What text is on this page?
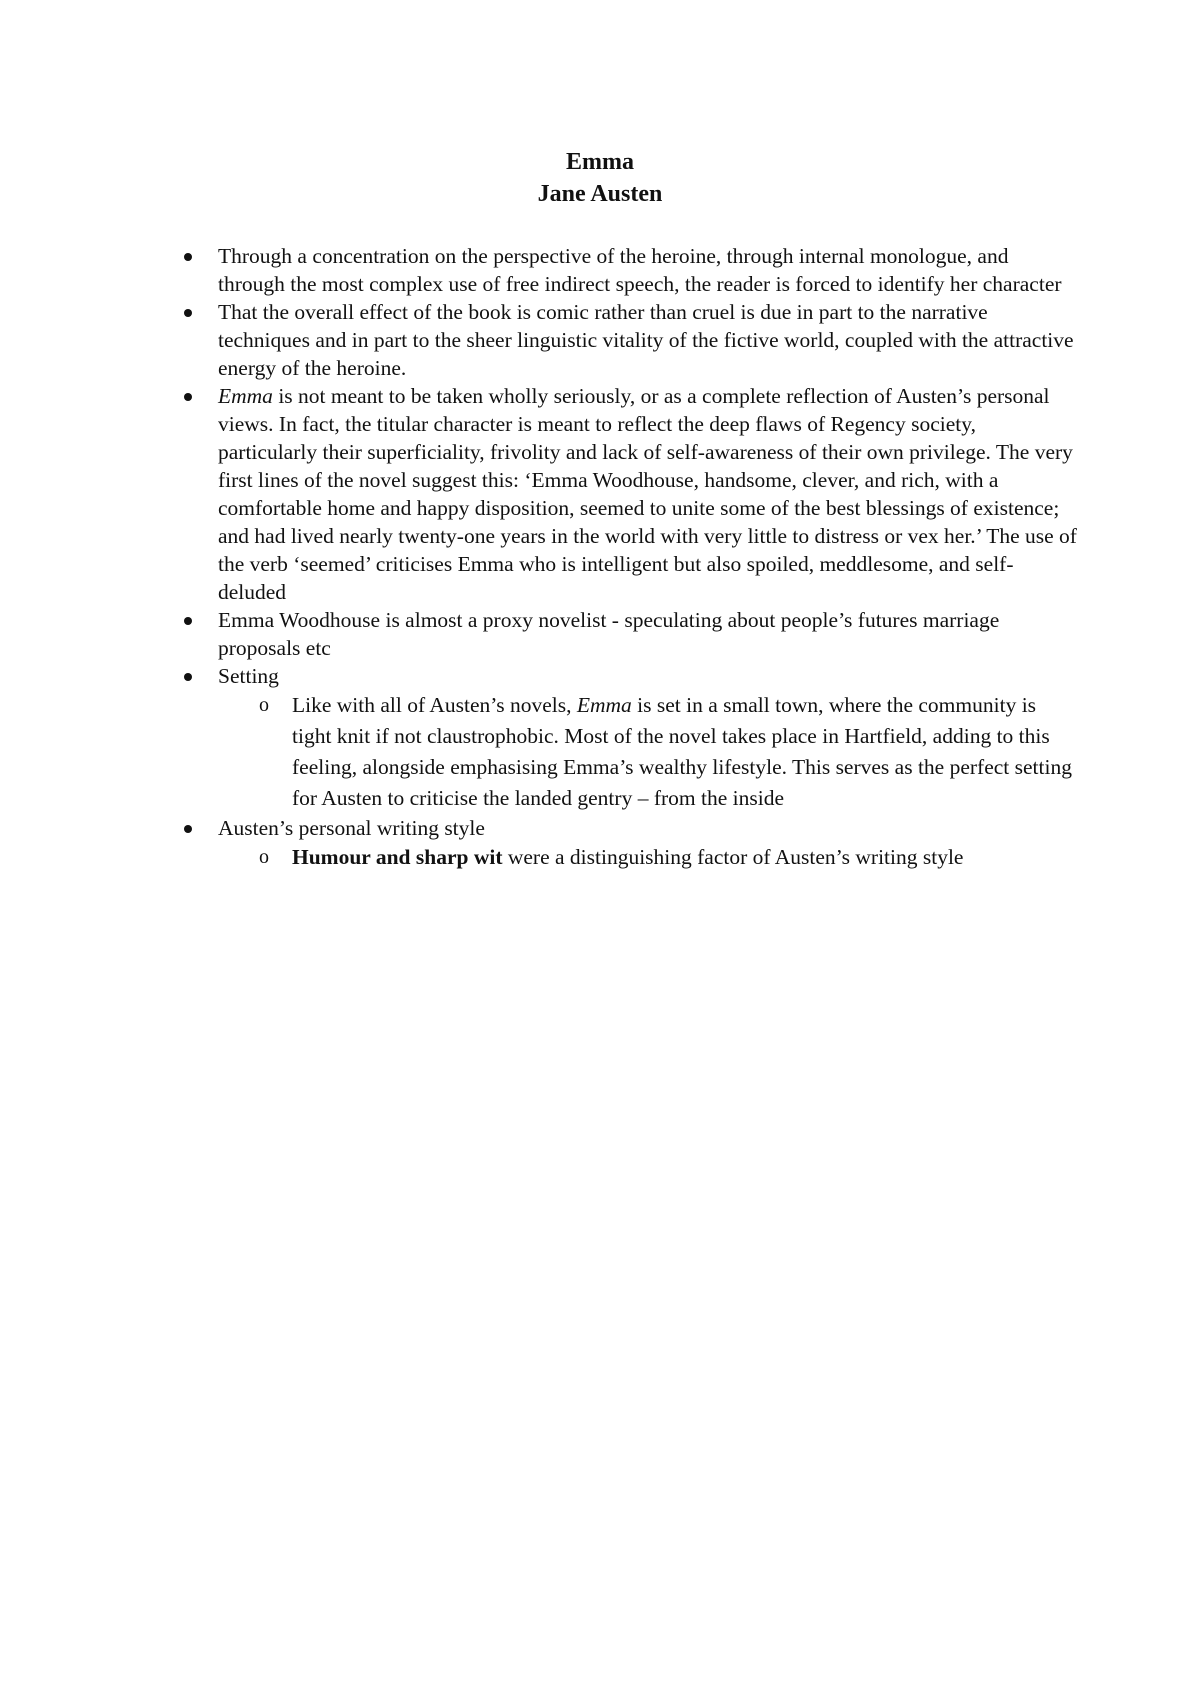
Emma
Jane Austen
Through a concentration on the perspective of the heroine, through internal monologue, and through the most complex use of free indirect speech, the reader is forced to identify her character
That the overall effect of the book is comic rather than cruel is due in part to the narrative techniques and in part to the sheer linguistic vitality of the fictive world, coupled with the attractive energy of the heroine.
Emma is not meant to be taken wholly seriously, or as a complete reflection of Austen’s personal views. In fact, the titular character is meant to reflect the deep flaws of Regency society, particularly their superficiality, frivolity and lack of self-awareness of their own privilege. The very first lines of the novel suggest this: ‘Emma Woodhouse, handsome, clever, and rich, with a comfortable home and happy disposition, seemed to unite some of the best blessings of existence; and had lived nearly twenty-one years in the world with very little to distress or vex her.’ The use of the verb ‘seemed’ criticises Emma who is intelligent but also spoiled, meddlesome, and self-deluded
Emma Woodhouse is almost a proxy novelist - speculating about people’s futures marriage proposals etc
Setting
o Like with all of Austen’s novels, Emma is set in a small town, where the community is tight knit if not claustrophobic. Most of the novel takes place in Hartfield, adding to this feeling, alongside emphasising Emma’s wealthy lifestyle. This serves as the perfect setting for Austen to criticise the landed gentry – from the inside
Austen’s personal writing style
o Humour and sharp wit were a distinguishing factor of Austen’s writing style
